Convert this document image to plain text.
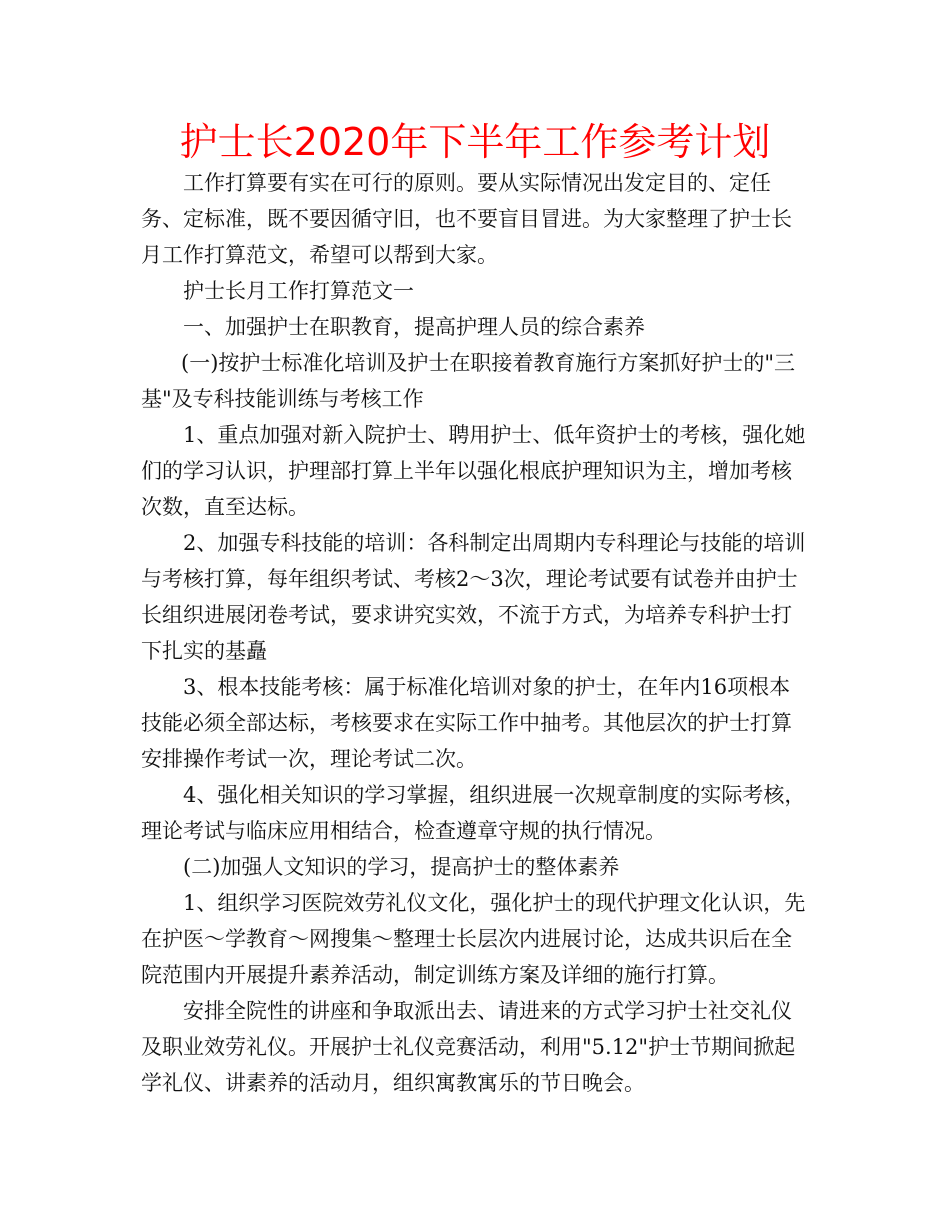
护士长2020年下半年工作参考计划

工作打算要有实在可行的原则。要从实际情况出发定目的、定任务、定标准，既不要因循守旧，也不要盲目冒进。为大家整理了护士长月工作打算范文，希望可以帮到大家。

护士长月工作打算范文一

一、加强护士在职教育，提高护理人员的综合素养

(一)按护士标准化培训及护士在职接着教育施行方案抓好护士的"三基"及专科技能训练与考核工作

1、重点加强对新入院护士、聘用护士、低年资护士的考核，强化她们的学习认识，护理部打算上半年以强化根底护理知识为主，增加考核次数，直至达标。

2、加强专科技能的培训：各科制定出周期内专科理论与技能的培训与考核打算，每年组织考试、考核2～3次，理论考试要有试卷并由护士长组织进展闭卷考试，要求讲究实效，不流于方式，为培养专科护士打下扎实的基矗

3、根本技能考核：属于标准化培训对象的护士，在年内16项根本技能必须全部达标，考核要求在实际工作中抽考。其他层次的护士打算安排操作考试一次，理论考试二次。

4、强化相关知识的学习掌握，组织进展一次规章制度的实际考核，理论考试与临床应用相结合，检查遵章守规的执行情况。

(二)加强人文知识的学习，提高护士的整体素养

1、组织学习医院效劳礼仪文化，强化护士的现代护理文化认识，先在护医～学教育～网搜集～整理士长层次内进展讨论，达成共识后在全院范围内开展提升素养活动，制定训练方案及详细的施行打算。

安排全院性的讲座和争取派出去、请进来的方式学习护士社交礼仪及职业效劳礼仪。开展护士礼仪竞赛活动，利用"5.12"护士节期间掀起学礼仪、讲素养的活动月，组织寓教寓乐的节日晚会。
